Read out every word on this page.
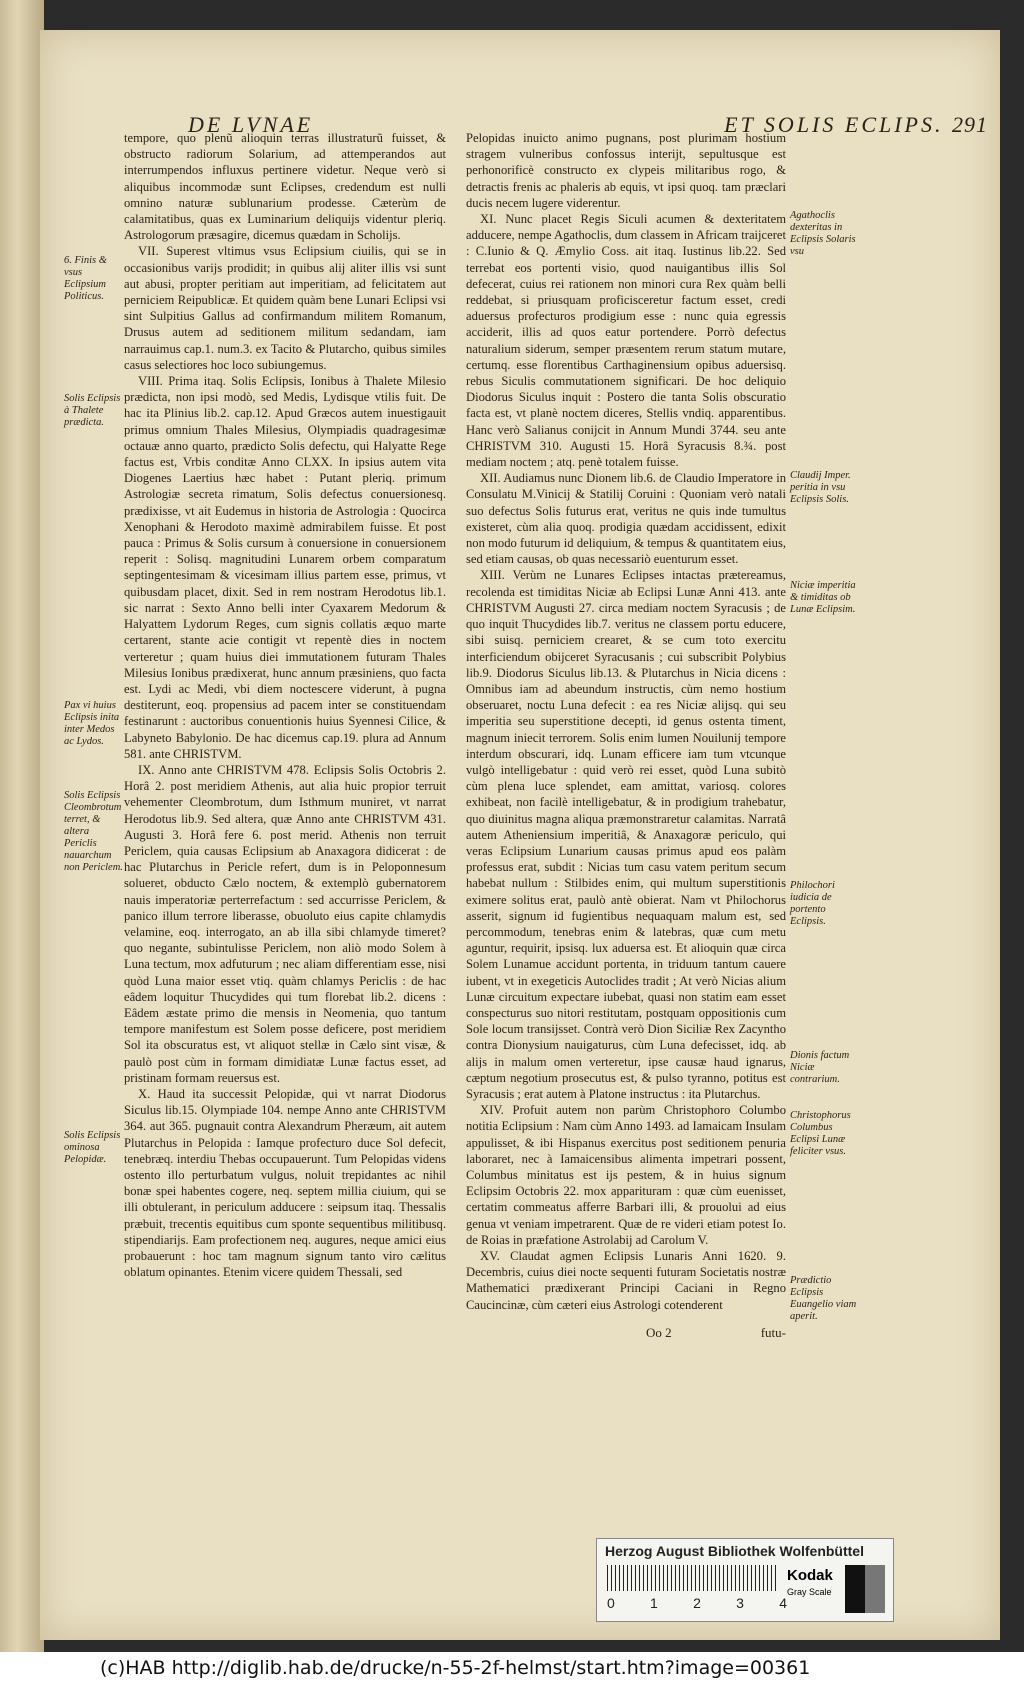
DE LVNAE	ET SOLIS ECLIPS. 291

tempore, quo plenũ alioquin terras illustraturũ fuisset, & obstructo radiorum Solarium, ad attemperandos aut interrumpendos influxus pertinere videtur. Neque verò si aliquibus incommodæ sunt Eclipses, credendum est nulli omnino naturæ sublunarium prodesse. Cæterùm de calamitatibus, quas ex Luminarium deliquijs videntur pleriq. Astrologorum præsagire, dicemus quædam in Scholijs.

VII. Superest vltimus vsus Eclipsium ciuilis, qui se in occasionibus varijs prodidit; in quibus alij aliter illis vsi sunt aut abusi, propter peritiam aut imperitiam, ad felicitatem aut perniciem Reipublicæ. Et quidem quàm bene Lunari Eclipsi vsi sint Sulpitius Gallus ad confirmandum militem Romanum, Drusus autem ad seditionem militum sedandam, iam narrauimus cap.1. num.3. ex Tacito & Plutarcho, quibus similes casus selectiores hoc loco subiungemus.

VIII. Prima itaq. Solis Eclipsis, Ionibus à Thalete Milesio prædicta, non ipsi modò, sed Medis, Lydisque vtilis fuit. De hac ita Plinius lib.2. cap.12. Apud Græcos autem inuestigauit primus omnium Thales Milesius, Olympiadis quadragesimæ octauæ anno quarto, prædicto Solis defectu, qui Halyatte Rege factus est, Vrbis conditæ Anno CLXX. In ipsius autem vita Diogenes Laertius hæc habet : Putant pleriq. primum Astrologiæ secreta rimatum, Solis defectus conuersionesq. prædixisse, vt ait Eudemus in historia de Astrologia : Quocirca Xenophani & Herodoto maximè admirabilem fuisse. Et post pauca : Primus & Solis cursum à conuersione in conuersionem reperit : Solisq. magnitudini Lunarem orbem comparatum septingentesimam & vicesimam illius partem esse, primus, vt quibusdam placet, dixit. Sed in rem nostram Herodotus lib.1. sic narrat : Sexto Anno belli inter Cyaxarem Medorum & Halyattem Lydorum Reges, cum signis collatis æquo marte certarent, stante acie contigit vt repentè dies in noctem verteretur ; quam huius diei immutationem futuram Thales Milesius Ionibus prædixerat, hunc annum præsiniens, quo facta est. Lydi ac Medi, vbi diem noctescere viderunt, à pugna destiterunt, eoq. propensius ad pacem inter se constituendam festinarunt : auctoribus conuentionis huius Syennesi Cilice, & Labyneto Babylonio. De hac dicemus cap.19. plura ad Annum 581. ante CHRISTVM.

IX. Anno ante CHRISTVM 478. Eclipsis Solis Octobris 2. Horâ 2. post meridiem Athenis, aut alia huic propior terruit vehementer Cleombrotum, dum Isthmum muniret, vt narrat Herodotus lib.9. Sed altera, quæ Anno ante CHRISTVM 431. Augusti 3. Horâ fere 6. post merid. Athenis non terruit Periclem, quia causas Eclipsium ab Anaxagora didicerat : de hac Plutarchus in Pericle refert, dum is in Peloponnesum solueret, obducto Cælo noctem, & extemplò gubernatorem nauis imperatoriæ perterrefactum : sed accurrisse Periclem, & panico illum terrore liberasse, obuoluto eius capite chlamydis velamine, eoq. interrogato, an ab illa sibi chlamyde timeret? quo negante, subintulisse Periclem, non aliò modo Solem à Luna tectum, mox adfuturum ; nec aliam differentiam esse, nisi quòd Luna maior esset vtiq. quàm chlamys Periclis : de hac eâdem loquitur Thucydides qui tum florebat lib.2. dicens : Eâdem æstate primo die mensis in Neomenia, quo tantum tempore manifestum est Solem posse deficere, post meridiem Sol ita obscuratus est, vt aliquot stellæ in Cælo sint visæ, & paulò post cùm in formam dimidiatæ Lunæ factus esset, ad pristinam formam reuersus est.

X. Haud ita successit Pelopidæ, qui vt narrat Diodorus Siculus lib.15. Olympiade 104. nempe Anno ante CHRISTVM 364. aut 365. pugnauit contra Alexandrum Pheræum, ait autem Plutarchus in Pelopida : Iamque profecturo duce Sol defecit, tenebræq. interdiu Thebas occupauerunt. Tum Pelopidas videns ostento illo perturbatum vulgus, noluit trepidantes ac nihil bonæ spei habentes cogere, neq. septem millia ciuium, qui se illi obtulerant, in periculum adducere : seipsum itaq. Thessalis præbuit, trecentis equitibus cum sponte sequentibus militibusq. stipendiarijs. Eam profectionem neq. augures, neque amici eius probauerunt : hoc tam magnum signum tanto viro cælitus oblatum opinantes. Etenim vicere quidem Thessali, sed

Pelopidas inuicto animo pugnans, post plurimam hostium stragem vulneribus confossus interijt, sepultusque est perhonorificè constructo ex clypeis militaribus rogo, & detractis frenis ac phaleris ab equis, vt ipsi quoq. tam præclari ducis necem lugere viderentur.

XI. Nunc placet Regis Siculi acumen & dexteritatem adducere, nempe Agathoclis, dum classem in Africam traijceret : C.Iunio & Q. Æmylio Coss. ait itaq. Iustinus lib.22. Sed terrebat eos portenti visio, quod nauigantibus illis Sol defecerat, cuius rei rationem non minori cura Rex quàm belli reddebat, si priusquam proficisceretur factum esset, credi aduersus profecturos prodigium esse : nunc quia egressis acciderit, illis ad quos eatur portendere. Porrò defectus naturalium siderum, semper præsentem rerum statum mutare, certumq. esse florentibus Carthaginensium opibus aduersisq. rebus Siculis commutationem significari. De hoc deliquio Diodorus Siculus inquit : Postero die tanta Solis obscuratio facta est, vt planè noctem diceres, Stellis vndiq. apparentibus. Hanc verò Salianus conijcit in Annum Mundi 3744. seu ante CHRISTVM 310. Augusti 15. Horâ Syracusis 8.¾. post mediam noctem ; atq. penè totalem fuisse.

XII. Audiamus nunc Dionem lib.6. de Claudio Imperatore in Consulatu M.Vinicij & Statilij Coruini : Quoniam verò natali suo defectus Solis futurus erat, veritus ne quis inde tumultus existeret, cùm alia quoq. prodigia quædam accidissent, edixit non modo futurum id deliquium, & tempus & quantitatem eius, sed etiam causas, ob quas necessariò euenturum esset.

XIII. Verùm ne Lunares Eclipses intactas prætereamus, recolenda est timiditas Niciæ ab Eclipsi Lunæ Anni 413. ante CHRISTVM Augusti 27. circa mediam noctem Syracusis ; de quo inquit Thucydides lib.7. veritus ne classem portu educere, sibi suisq. perniciem crearet, & se cum toto exercitu interficiendum obijceret Syracusanis ; cui subscribit Polybius lib.9. Diodorus Siculus lib.13. & Plutarchus in Nicia dicens : Omnibus iam ad abeundum instructis, cùm nemo hostium obseruaret, noctu Luna defecit : ea res Niciæ alijsq. qui seu imperitia seu superstitione decepti, id genus ostenta timent, magnum iniecit terrorem. Solis enim lumen Nouilunij tempore interdum obscurari, idq. Lunam efficere iam tum vtcunque vulgò intelligebatur : quid verò rei esset, quòd Luna subitò cùm plena luce splendet, eam amittat, variosq. colores exhibeat, non facilè intelligebatur, & in prodigium trahebatur, quo diuinitus magna aliqua præmonstraretur calamitas. Narratâ autem Atheniensium imperitiâ, & Anaxagoræ periculo, qui veras Eclipsium Lunarium causas primus apud eos palàm professus erat, subdit : Nicias tum casu vatem peritum secum habebat nullum : Stilbides enim, qui multum superstitionis eximere solitus erat, paulò antè obierat. Nam vt Philochorus asserit, signum id fugientibus nequaquam malum est, sed percommodum, tenebras enim & latebras, quæ cum metu aguntur, requirit, ipsisq. lux aduersa est. Et alioquin quæ circa Solem Lunamue accidunt portenta, in triduum tantum cauere iubent, vt in exegeticis Autoclides tradit ; At verò Nicias alium Lunæ circuitum expectare iubebat, quasi non statim eam esset conspecturus suo nitori restitutam, postquam oppositionis cum Sole locum transijsset. Contrà verò Dion Siciliæ Rex Zacyntho contra Dionysium nauigaturus, cùm Luna defecisset, idq. ab alijs in malum omen verteretur, ipse causæ haud ignarus, cæptum negotium prosecutus est, & pulso tyranno, potitus est Syracusis ; erat autem à Platone instructus : ita Plutarchus.

XIV. Profuit autem non parùm Christophoro Columbo notitia Eclipsium : Nam cùm Anno 1493. ad Iamaicam Insulam appulisset, & ibi Hispanus exercitus post seditionem penuria laboraret, nec à Iamaicensibus alimenta impetrari possent, Columbus minitatus est ijs pestem, & in huius signum Eclipsim Octobris 22. mox apparituram : quæ cùm euenisset, certatim commeatus afferre Barbari illi, & prouolui ad eius genua vt veniam impetrarent. Quæ de re videri etiam potest Io. de Roias in præfatione Astrolabij ad Carolum V.

XV. Claudat agmen Eclipsis Lunaris Anni 1620. 9. Decembris, cuius diei nocte sequenti futuram Societatis nostræ Mathematici prædixerant Principi Caciani in Regno Caucincinæ, cùm cæteri eius Astrologi cotenderent

6. Finis & vsus Eclipsium Politicus.
Solis Eclipsis à Thalete prædicta.
Pax vi huius Eclipsis inita inter Medos ac Lydos.
Solis Eclipsis Cleombrotum terret, & altera Periclis nauarchum non Periclem.
Solis Eclipsis ominosa Pelopidæ.
Agathoclis dexteritas in Eclipsis Solaris vsu
Claudij Imper. peritia in vsu Eclipsis Solis.
Niciæ imperitia & timiditas ob Lunæ Eclipsim.
Philochori iudicia de portento Eclipsis.
Dionis factum Niciæ contrarium.
Christophorus Columbus Eclipsi Lunæ feliciter vsus.
Prædictio Eclipsis Euangelio viam aperit.
Oo 2	futu-
Herzog August Bibliothek Wolfenbüttel
0	1	2	3	4
Kodak
Gray Scale
(c)HAB http://diglib.hab.de/drucke/n-55-2f-helmst/start.htm?image=00361
